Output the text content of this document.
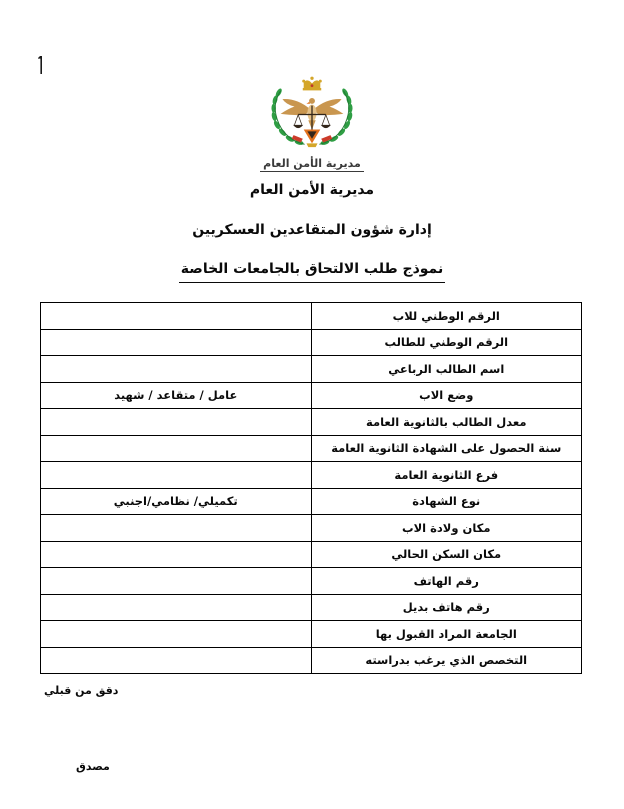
مديرية الأمن العام
مديرية الأمن العام
إدارة شؤون المتقاعدين العسكريين
نموذج طلب الالتحاق بالجامعات الخاصة
الرقم الوطني للاب	
الرقم الوطني للطالب	
اسم الطالب الرباعي	
وضع الاب	عامل / متقاعد / شهيد
معدل الطالب بالثانوية العامة	
سنة الحصول على الشهادة الثانوية العامة	
فرع الثانوية العامة	
نوع الشهادة	تكميلي/ نظامي/اجنبي
مكان ولادة الاب	
مكان السكن الحالي	
رقم الهاتف	
رقم هاتف بديل	
الجامعة المراد القبول بها	
التخصص الذي يرغب بدراسته	
دقق من قبلي
مصدق
